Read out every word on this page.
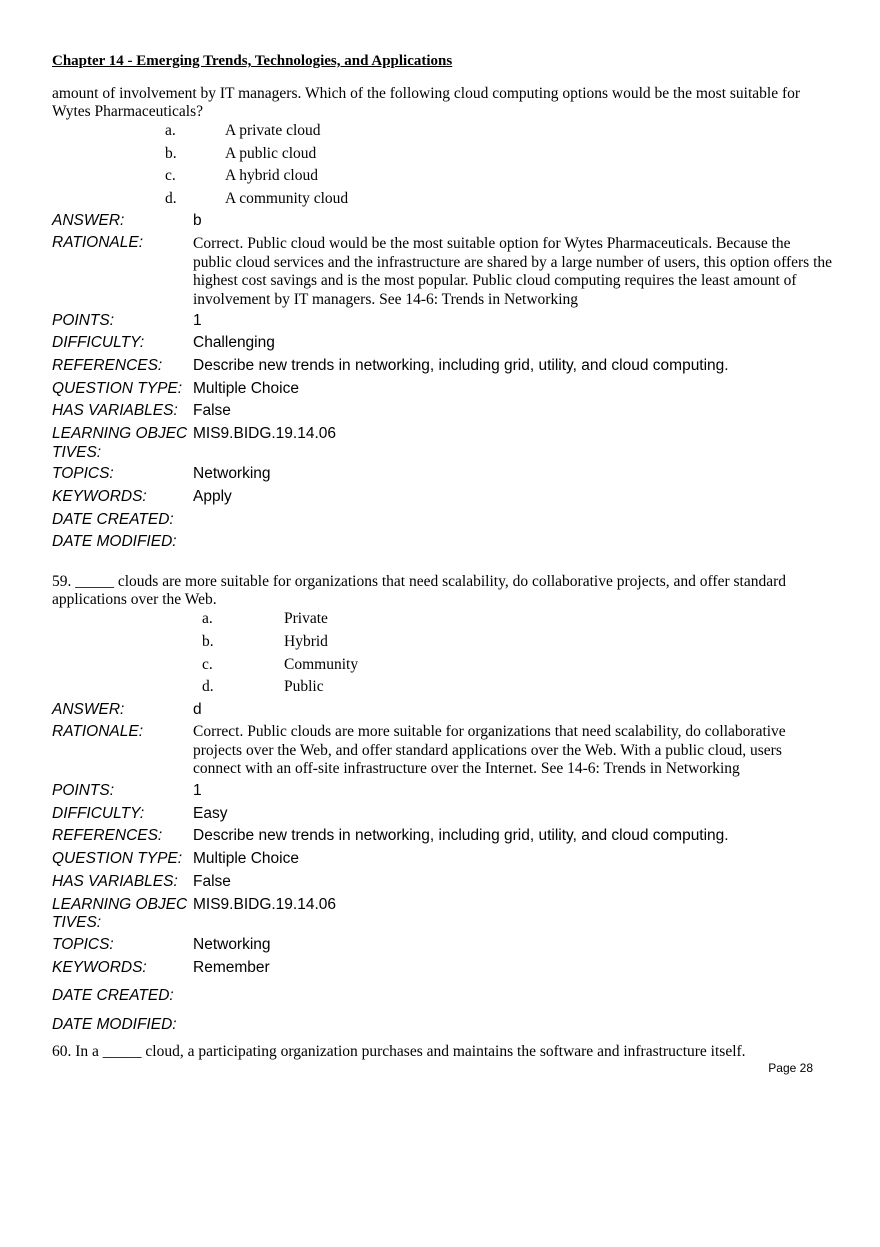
Chapter 14 - Emerging Trends, Technologies, and Applications
amount of involvement by IT managers. Which of the following cloud computing options would be the most suitable for Wytes Pharmaceuticals?
a.	A private cloud
b.	A public cloud
c.	A hybrid cloud
d.	A community cloud
ANSWER:	b
RATIONALE:	Correct. Public cloud would be the most suitable option for Wytes Pharmaceuticals. Because the public cloud services and the infrastructure are shared by a large number of users, this option offers the highest cost savings and is the most popular. Public cloud computing requires the least amount of involvement by IT managers. See 14-6: Trends in Networking
POINTS:	1
DIFFICULTY:	Challenging
REFERENCES: Describe new trends in networking, including grid, utility, and cloud computing.
QUESTION TYPE: Multiple Choice
HAS VARIABLES: False
LEARNING OBJEC
TIVES:
MIS9.BIDG.19.14.06
TOPICS:	Networking
KEYWORDS:	Apply
DATE CREATED:
DATE MODIFIED:
59. _____ clouds are more suitable for organizations that need scalability, do collaborative projects, and offer standard applications over the Web.
a.	Private
b.	Hybrid
c.	Community
d.	Public
ANSWER:	d
RATIONALE:	Correct. Public clouds are more suitable for organizations that need scalability, do collaborative projects over the Web, and offer standard applications over the Web. With a public cloud, users connect with an off-site infrastructure over the Internet. See 14-6: Trends in Networking
POINTS:	1
DIFFICULTY:	Easy
REFERENCES: Describe new trends in networking, including grid, utility, and cloud computing.
QUESTION TYPE: Multiple Choice
HAS VARIABLES: False
LEARNING OBJEC
TIVES:
MIS9.BIDG.19.14.06
TOPICS:	Networking
KEYWORDS:	Remember
DATE CREATED:
DATE MODIFIED:
60. In a _____ cloud, a participating organization purchases and maintains the software and infrastructure itself.
Page 28
